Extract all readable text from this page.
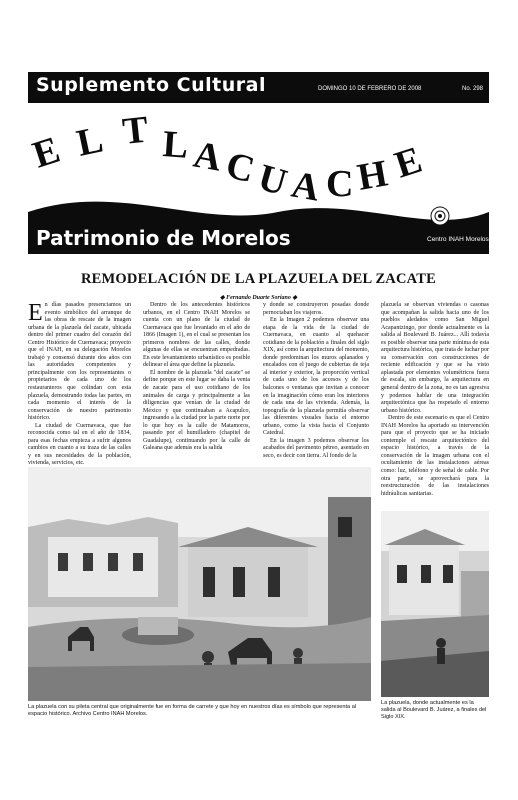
Suplemento Cultural	DOMINGO 10 DE FEBRERO DE 2008	No. 298
E L T L A
C
U
A C H E
Patrimonio de Morelos	Centro INAH Morelos
REMODELACIÓN DE LA PLAZUELA DEL ZACATE
◆ Fernando Duarte Soriano ◆

En días pasados presenciamos un evento simbólico del arranque de las obras de rescate de la imagen urbana de la plazuela del zacate, ubicada dentro del primer cuadro del corazón del Centro Histórico de Cuernavaca; proyecto que el INAH, en su delegación Morelos trabajó y consensó durante dos años con las autoridades competentes y principalmente con los representantes o propietarios de cada uno de los restauranteros que colindan con esta plazuela, demostrando todas las partes, en cada momento el interés de la conservación de nuestro patrimonio histórico.

La ciudad de Cuernavaca, que fue reconocida como tal en el año de 1834, para esas fechas empieza a sufrir algunos cambios en cuanto a su traza de las calles y en sus necesidades de la población, vivienda, servicios, etc.

Dentro de los antecedentes históricos urbanos, en el Centro INAH Morelos se cuenta con un plano de la ciudad de Cuernavaca que fue levantado en el año de 1866 (Imagen 1), en el cual se presentan los primeros nombres de las calles, donde algunas de ellas se encuentran empedradas. En este levantamiento urbanístico es posible delinear el área que define la plazuela.

El nombre de la plazuela "del zacate" se define porque en este lugar se daba la venta de zacate para el uso cotidiano de los animales de carga y principalmente a las diligencias que venían de la ciudad de México y que continuaban a Acapulco, ingresando a la ciudad por la parte norte por lo que hoy es la calle de Matamoros, pasando por el humilladero (chapitel de Guadalupe), continuando por la calle de Galeana que además era la salida

y donde se construyeron posadas donde pernoctaban los viajeros.

En la Imagen 2 podemos observar una etapa de la vida de la ciudad de Cuernavaca, en cuanto al quehacer cotidiano de la población a finales del siglo XIX, así como la arquitectura del momento, donde predominan los muros aplanados y encalados con el juego de cubiertas de teja al interior y exterior, la proporción vertical de cada uno de los accesos y de los balcones o ventanas que invitan a conocer en la imaginación cómo eran los interiores de cada una de las vivienda. Además, la topografía de la plazuela permitía observar las diferentes visuales hacia el entorno urbano, como la vista hacia el Conjunto Catedral.

En la imagen 3 podemos observar los acabados del pavimento pétreo, asentado en seco, es decir con tierra. Al fondo de la

plazuela se observan viviendas o casonas que acompañan la salida hacia uno de los pueblos aledaños como San Miguel Acapantzingo, por donde actualmente es la salida al Boulevard B. Juárez... Allí todavía es posible observar una parte mínima de esta arquitectura histórica, que trata de luchar por su conservación con construcciones de reciente edificación y que se ha visto aplastada por elementos volumétricos fuera de escala, sin embargo, la arquitectura en general dentro de la zona, no es tan agresiva y podemos hablar de una integración arquitectónica que ha respetado el entorno urbano histórico.

Dentro de este escenario es que el Centro INAH Morelos ha aportado su intervención para que el proyecto que se ha iniciado contemple el rescate arquitectónico del espacio histórico, a través de la conservación de la imagen urbana con el ocultamiento de las instalaciones aéreas como: luz, teléfono y de señal de cable. Por otra parte, se aprovechará para la reestructuración de las instalaciones hidráulicas sanitarias.

La plazuela con su pileta central que originalmente fue en forma de carrete y que hoy en nuestros días es símbolo que representa al espacio histórico. Archivo Centro INAH Morelos.
La plazuela, donde actualmente es la salida al Boulevard B. Juárez, a finales del Siglo XIX.
